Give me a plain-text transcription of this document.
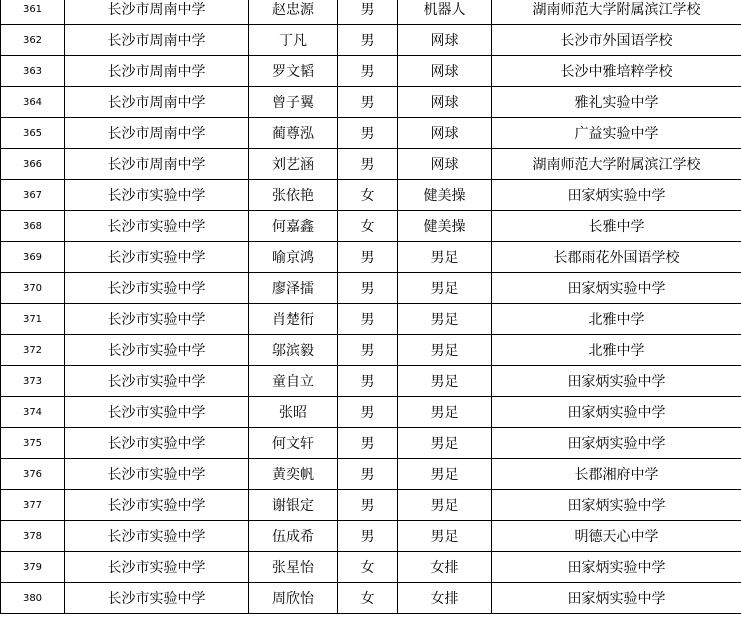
361	长沙市周南中学	赵忠源	男	机器人	湖南师范大学附属滨江学校
362	长沙市周南中学	丁凡	男	网球	长沙市外国语学校
363	长沙市周南中学	罗文韬	男	网球	长沙中雅培粹学校
364	长沙市周南中学	曾子翼	男	网球	雅礼实验中学
365	长沙市周南中学	蔺尊泓	男	网球	广益实验中学
366	长沙市周南中学	刘艺涵	男	网球	湖南师范大学附属滨江学校
367	长沙市实验中学	张依艳	女	健美操	田家炳实验中学
368	长沙市实验中学	何嘉鑫	女	健美操	长雅中学
369	长沙市实验中学	喻京鸿	男	男足	长郡雨花外国语学校
370	长沙市实验中学	廖泽擂	男	男足	田家炳实验中学
371	长沙市实验中学	肖楚衎	男	男足	北雅中学
372	长沙市实验中学	邬滨毅	男	男足	北雅中学
373	长沙市实验中学	童自立	男	男足	田家炳实验中学
374	长沙市实验中学	张昭	男	男足	田家炳实验中学
375	长沙市实验中学	何文轩	男	男足	田家炳实验中学
376	长沙市实验中学	黄奕帆	男	男足	长郡湘府中学
377	长沙市实验中学	谢银定	男	男足	田家炳实验中学
378	长沙市实验中学	伍成希	男	男足	明德天心中学
379	长沙市实验中学	张星怡	女	女排	田家炳实验中学
380	长沙市实验中学	周欣怡	女	女排	田家炳实验中学
